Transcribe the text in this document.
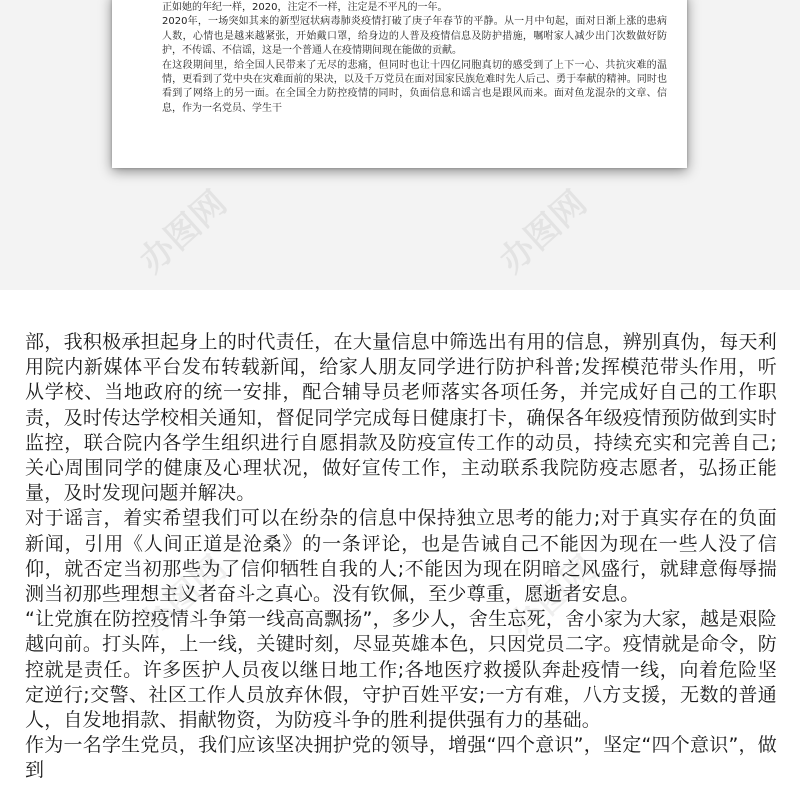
正如她的年纪一样，2020，注定不一样，注定是不平凡的一年。

2020年，一场突如其来的新型冠状病毒肺炎疫情打破了庚子年春节的平静。从一月中旬起，面对日渐上涨的患病人数，心情也是越来越紧张，开始戴口罩，给身边的人普及疫情信息及防护措施，嘱咐家人减少出门次数做好防护，不传谣、不信谣，这是一个普通人在疫情期间现在能做的贡献。

在这段期间里，给全国人民带来了无尽的悲痛，但同时也让十四亿同胞真切的感受到了上下一心、共抗灾难的温情，更看到了党中央在灾难面前的果决，以及千万党员在面对国家民族危难时先人后己、勇于奉献的精神。同时也看到了网络上的另一面。在全国全力防控疫情的同时，负面信息和谣言也是跟风而来。面对鱼龙混杂的文章、信息，作为一名党员、学生干

办图网	办图网

部，我积极承担起身上的时代责任，在大量信息中筛选出有用的信息，辨别真伪，每天利用院内新媒体平台发布转载新闻，给家人朋友同学进行防护科普;发挥模范带头作用，听从学校、当地政府的统一安排，配合辅导员老师落实各项任务，并完成好自己的工作职责，及时传达学校相关通知，督促同学完成每日健康打卡，确保各年级疫情预防做到实时监控，联合院内各学生组织进行自愿捐款及防疫宣传工作的动员，持续充实和完善自己;关心周围同学的健康及心理状况，做好宣传工作，主动联系我院防疫志愿者，弘扬正能量，及时发现问题并解决。

对于谣言，着实希望我们可以在纷杂的信息中保持独立思考的能力;对于真实存在的负面新闻，引用《人间正道是沧桑》的一条评论，也是告诫自己不能因为现在一些人没了信仰，就否定当初那些为了信仰牺牲自我的人;不能因为现在阴暗之风盛行，就肆意侮辱揣测当初那些理想主义者奋斗之真心。没有钦佩，至少尊重，愿逝者安息。

“让党旗在防控疫情斗争第一线高高飘扬”，多少人，舍生忘死，舍小家为大家，越是艰险越向前。打头阵，上一线，关键时刻，尽显英雄本色，只因党员二字。疫情就是命令，防控就是责任。许多医护人员夜以继日地工作;各地医疗救援队奔赴疫情一线，向着危险坚定逆行;交警、社区工作人员放弃休假，守护百姓平安;一方有难，八方支援，无数的普通人，自发地捐款、捐献物资，为防疫斗争的胜利提供强有力的基础。

作为一名学生党员，我们应该坚决拥护党的领导，增强“四个意识”，坚定“四个意识”，做到
